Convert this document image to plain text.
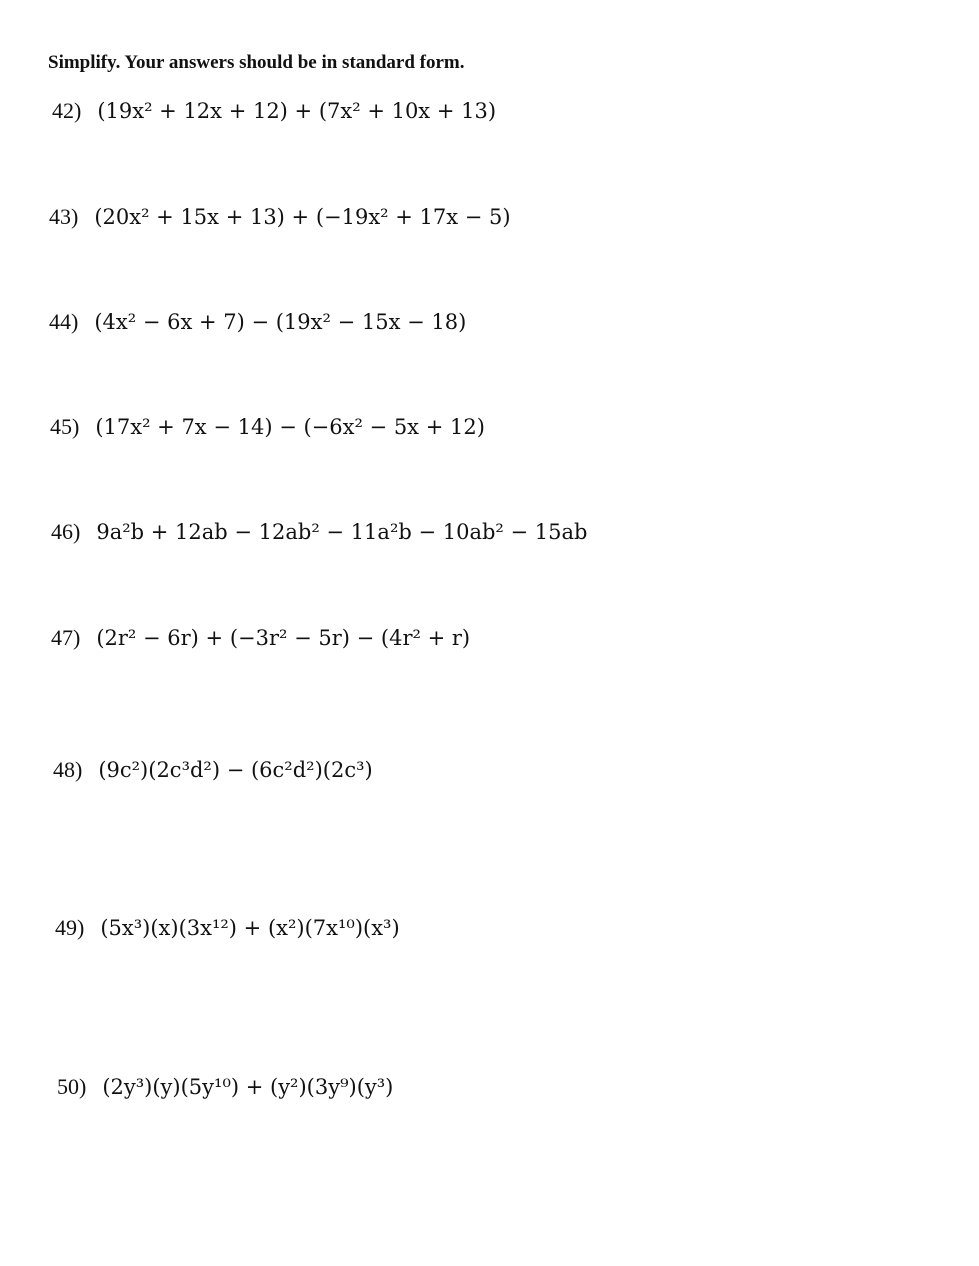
Simplify. Your answers should be in standard form.
42) (19x² + 12x + 12) + (7x² + 10x + 13)
43) (20x² + 15x + 13) + (−19x² + 17x − 5)
44) (4x² − 6x + 7) − (19x² − 15x − 18)
45) (17x² + 7x − 14) − (−6x² − 5x + 12)
46) 9a²b + 12ab − 12ab² − 11a²b − 10ab² − 15ab
47) (2r² − 6r) + (−3r² − 5r) − (4r² + r)
48) (9c²)(2c³d²) − (6c²d²)(2c³)
49) (5x³)(x)(3x¹²) + (x²)(7x¹⁰)(x³)
50) (2y³)(y)(5y¹⁰) + (y²)(3y⁹)(y³)
